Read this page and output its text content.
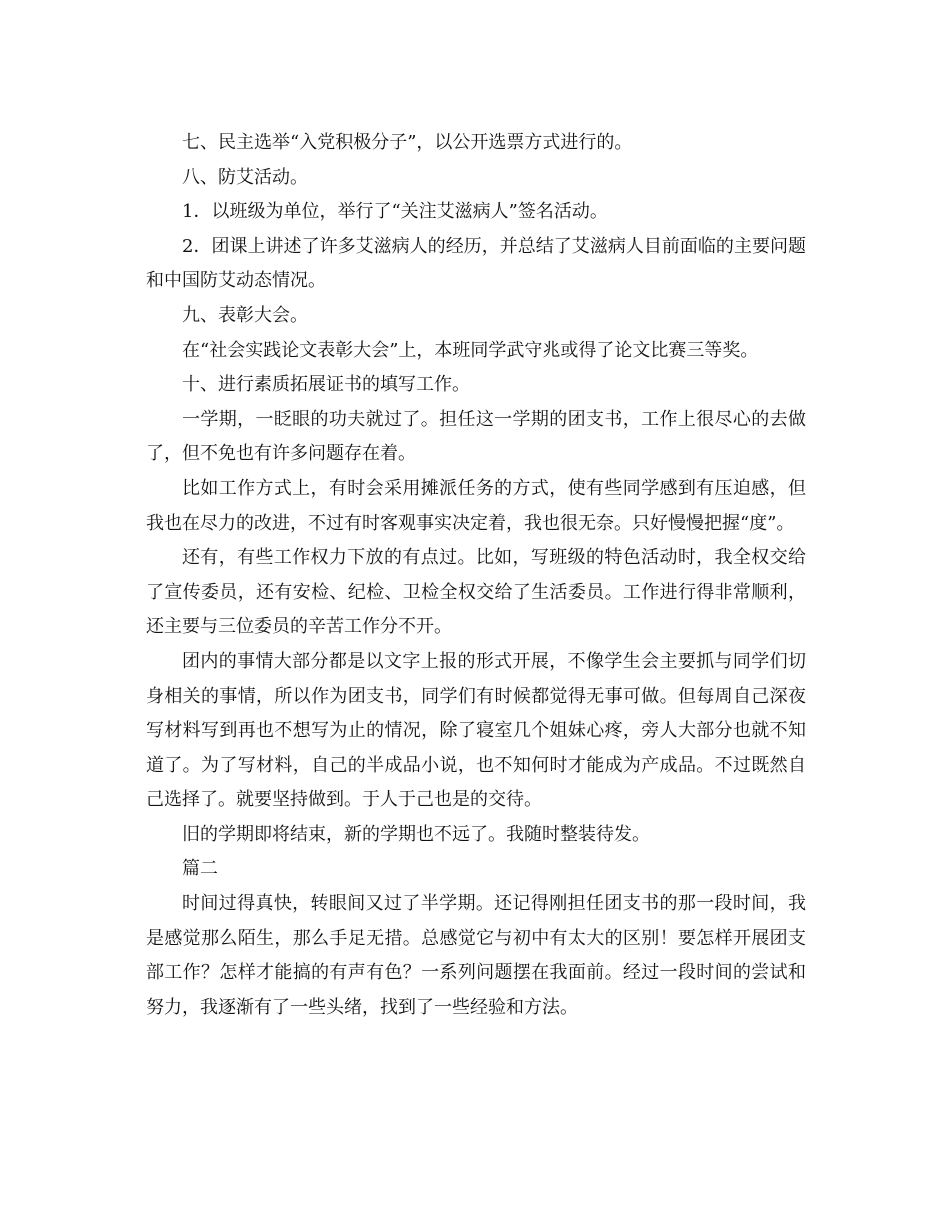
七、民主选举“入党积极分子”，以公开选票方式进行的。

八、防艾活动。

1．以班级为单位，举行了“关注艾滋病人”签名活动。

2．团课上讲述了许多艾滋病人的经历，并总结了艾滋病人目前面临的主要问题和中国防艾动态情况。

九、表彰大会。

在“社会实践论文表彰大会”上，本班同学武守兆或得了论文比赛三等奖。

十、进行素质拓展证书的填写工作。

一学期，一眨眼的功夫就过了。担任这一学期的团支书，工作上很尽心的去做了，但不免也有许多问题存在着。

比如工作方式上，有时会采用摊派任务的方式，使有些同学感到有压迫感，但我也在尽力的改进，不过有时客观事实决定着，我也很无奈。只好慢慢把握“度”。

还有，有些工作权力下放的有点过。比如，写班级的特色活动时，我全权交给了宣传委员，还有安检、纪检、卫检全权交给了生活委员。工作进行得非常顺利，还主要与三位委员的辛苦工作分不开。

团内的事情大部分都是以文字上报的形式开展，不像学生会主要抓与同学们切身相关的事情，所以作为团支书，同学们有时候都觉得无事可做。但每周自己深夜写材料写到再也不想写为止的情况，除了寝室几个姐妹心疼，旁人大部分也就不知道了。为了写材料，自己的半成品小说，也不知何时才能成为产成品。不过既然自己选择了。就要坚持做到。于人于己也是的交待。

旧的学期即将结束，新的学期也不远了。我随时整装待发。

篇二

时间过得真快，转眼间又过了半学期。还记得刚担任团支书的那一段时间，我是感觉那么陌生，那么手足无措。总感觉它与初中有太大的区别！要怎样开展团支部工作？怎样才能搞的有声有色？一系列问题摆在我面前。经过一段时间的尝试和努力，我逐渐有了一些头绪，找到了一些经验和方法。
